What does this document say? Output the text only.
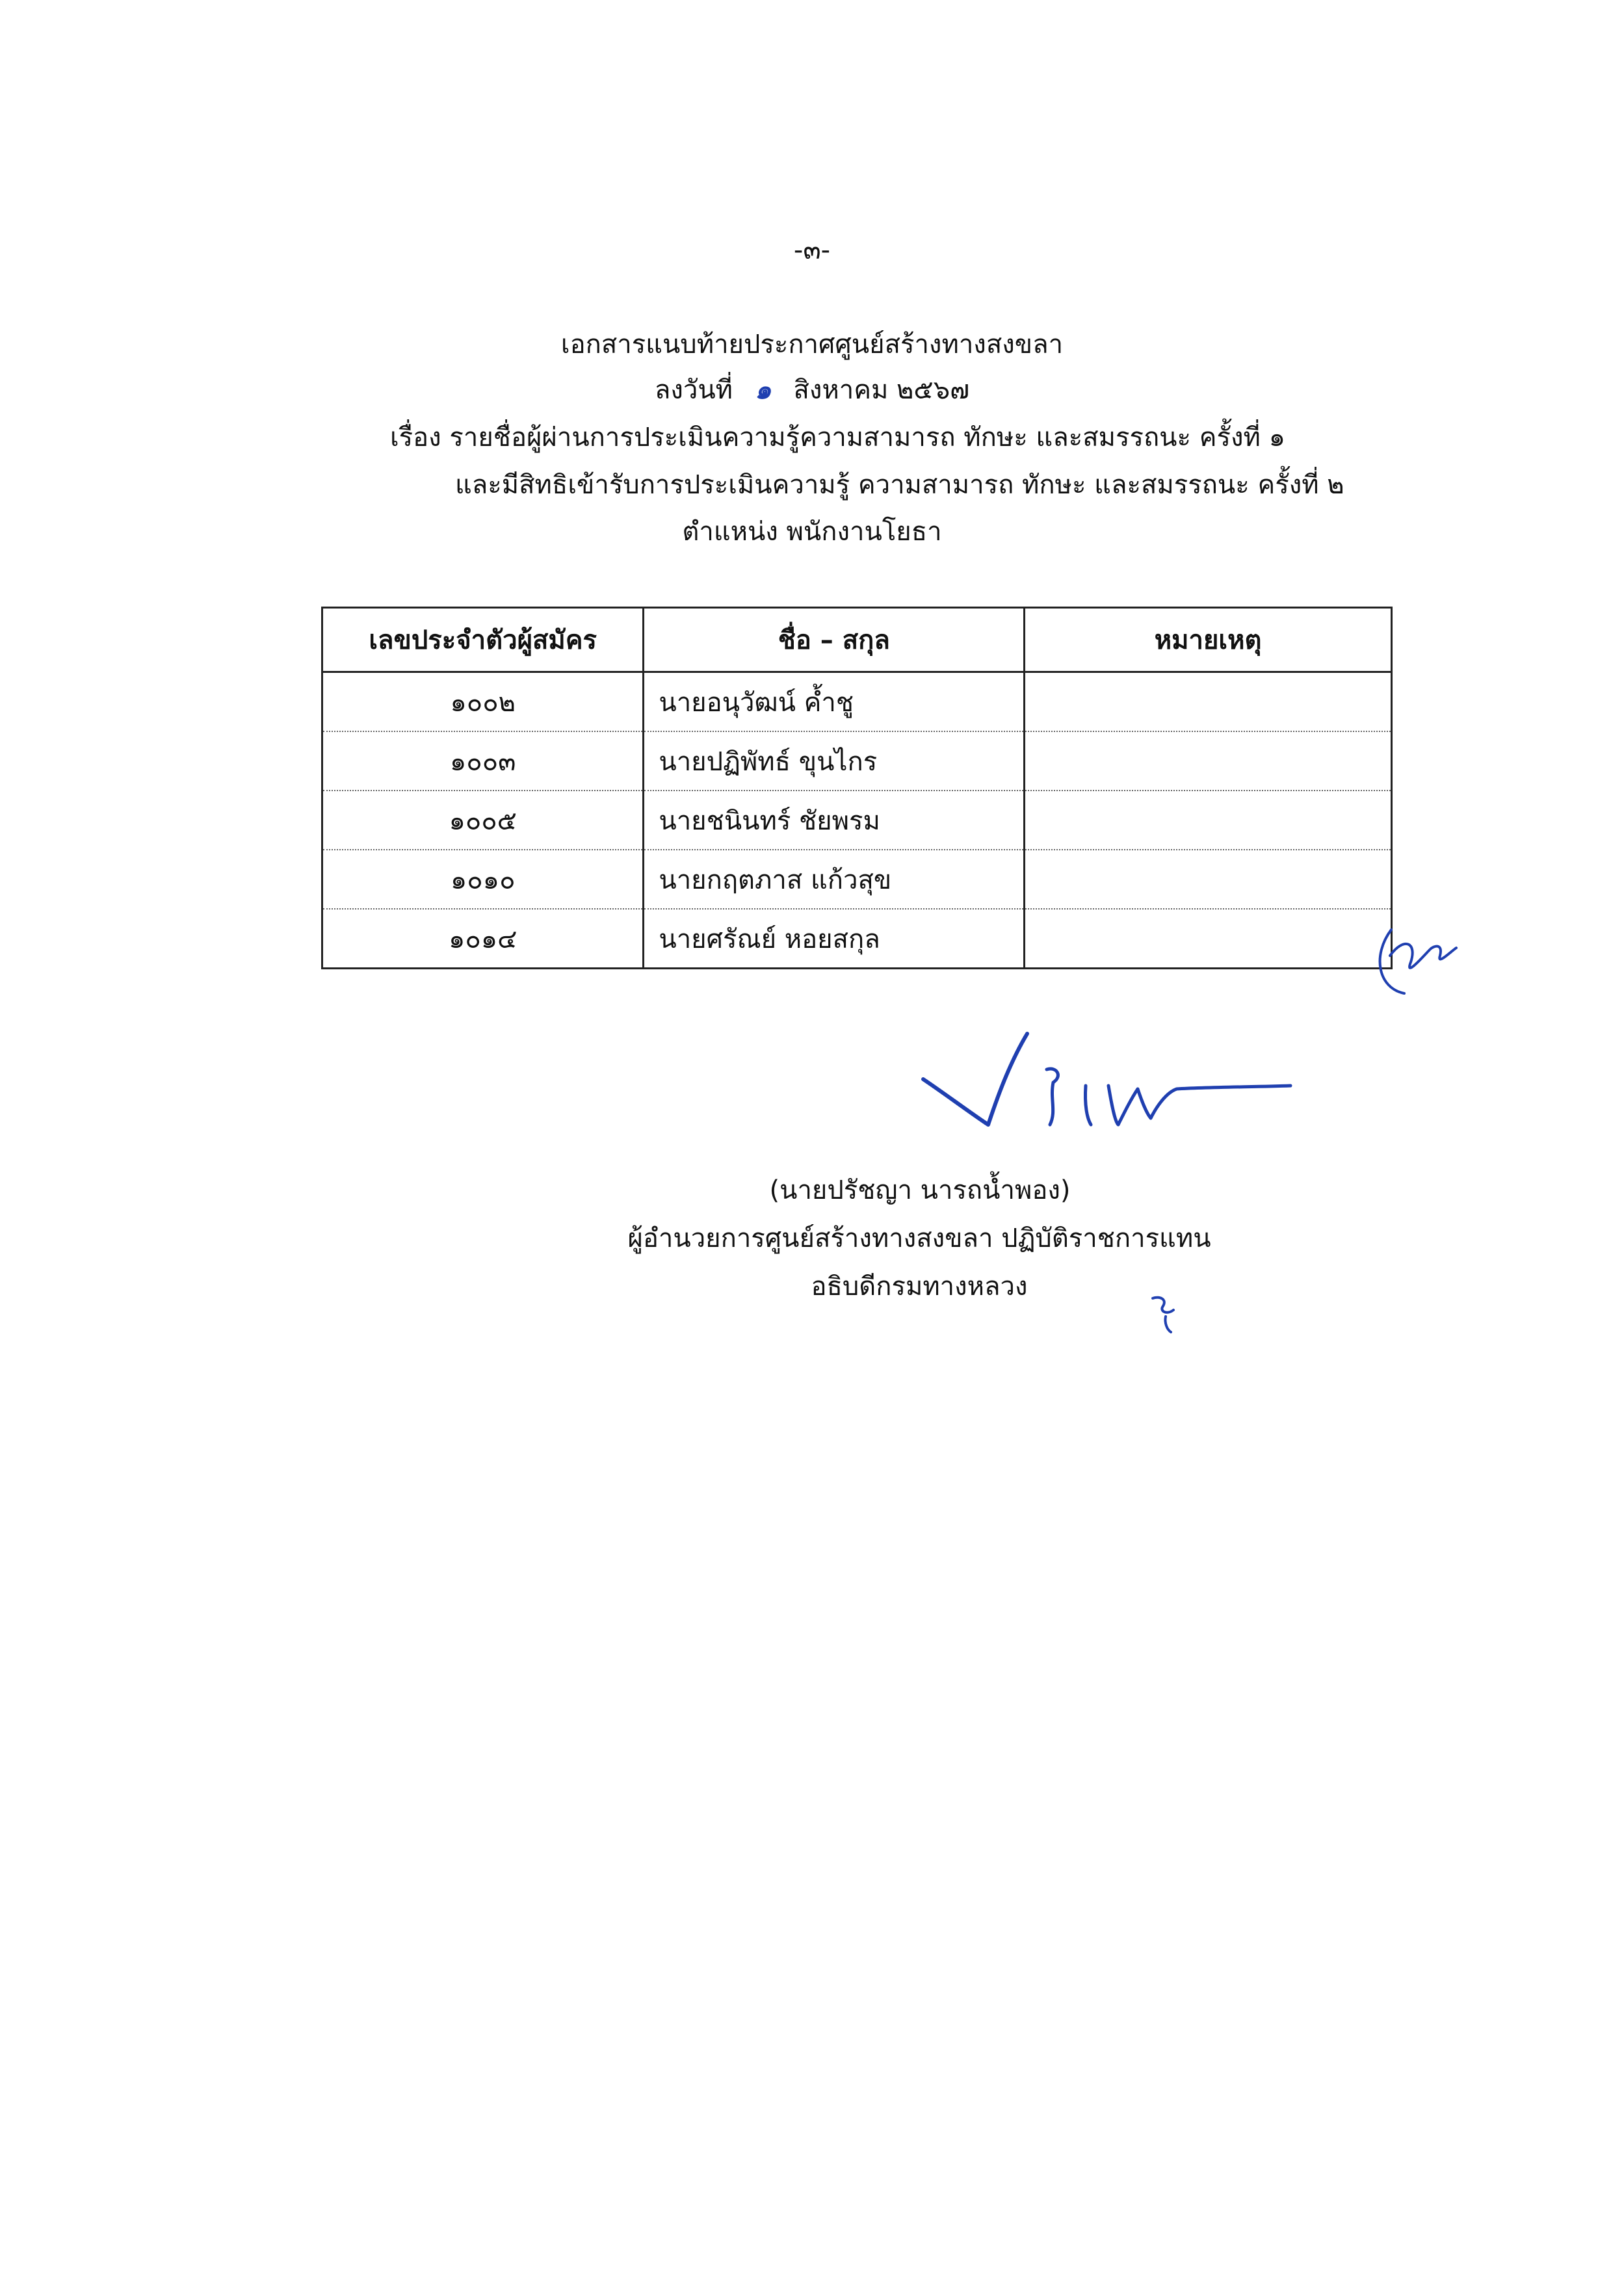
-๓-
เอกสารแนบท้ายประกาศศูนย์สร้างทางสงขลา
ลงวันที่ ๑ สิงหาคม ๒๕๖๗
เรื่อง รายชื่อผู้ผ่านการประเมินความรู้ความสามารถ ทักษะ และสมรรถนะ ครั้งที่ ๑
และมีสิทธิเข้ารับการประเมินความรู้ ความสามารถ ทักษะ และสมรรถนะ ครั้งที่ ๒
ตำแหน่ง พนักงานโยธา
เลขประจำตัวผู้สมัคร	ชื่อ – สกุล	หมายเหตุ
๑๐๐๒	นายอนุวัฒน์ ค้ำชู	
๑๐๐๓	นายปฏิพัทธ์ ขุนไกร	
๑๐๐๕	นายชนินทร์ ชัยพรม	
๑๐๑๐	นายกฤตภาส แก้วสุข	
๑๐๑๔	นายศรัณย์ หอยสกุล	
(นายปรัชญา นารถน้ำพอง)
ผู้อำนวยการศูนย์สร้างทางสงขลา ปฏิบัติราชการแทน
อธิบดีกรมทางหลวง
